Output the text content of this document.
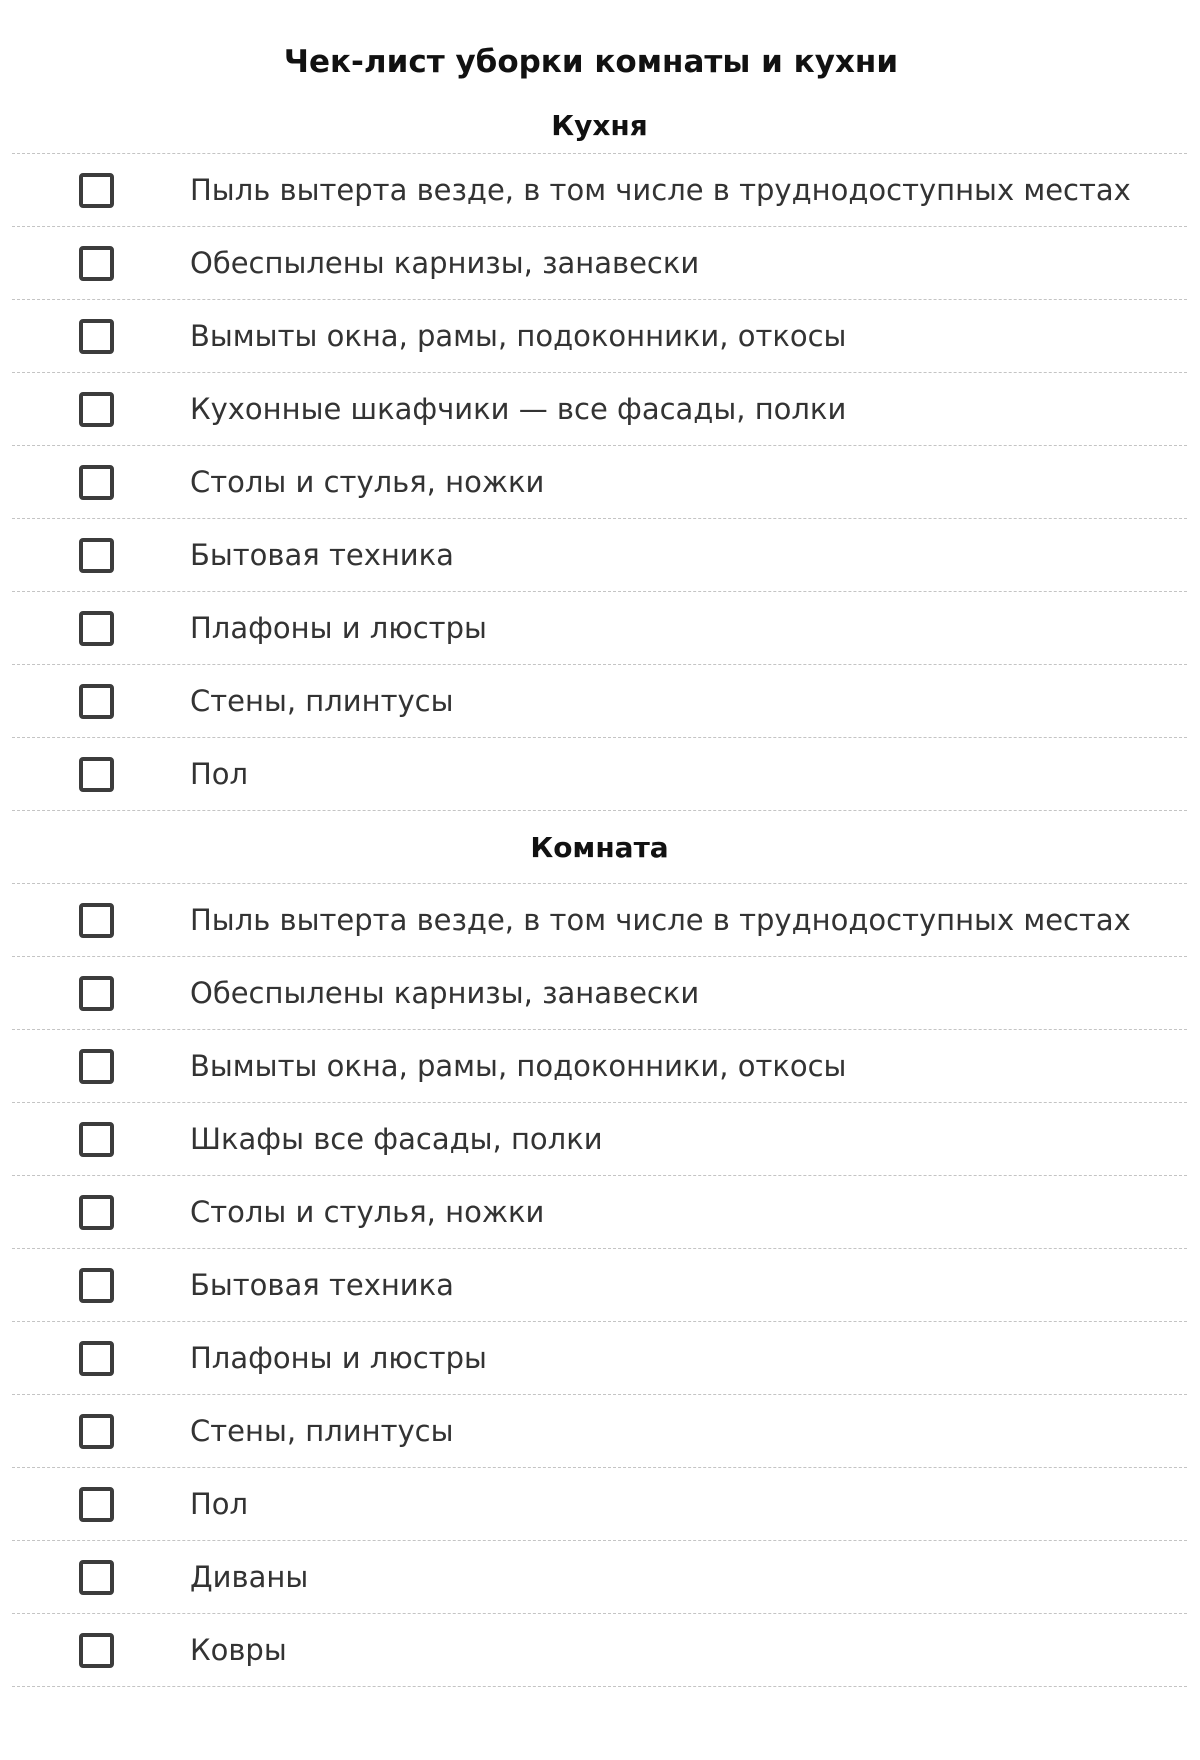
Чек-лист уборки комнаты и кухни
Кухня
Пыль вытерта везде, в том числе в труднодоступных местах
Обеспылены карнизы, занавески
Вымыты окна, рамы, подоконники, откосы
Кухонные шкафчики — все фасады, полки
Столы и стулья, ножки
Бытовая техника
Плафоны и люстры
Стены, плинтусы
Пол
Комната
Пыль вытерта везде, в том числе в труднодоступных местах
Обеспылены карнизы, занавески
Вымыты окна, рамы, подоконники, откосы
Шкафы все фасады, полки
Столы и стулья, ножки
Бытовая техника
Плафоны и люстры
Стены, плинтусы
Пол
Диваны
Ковры
